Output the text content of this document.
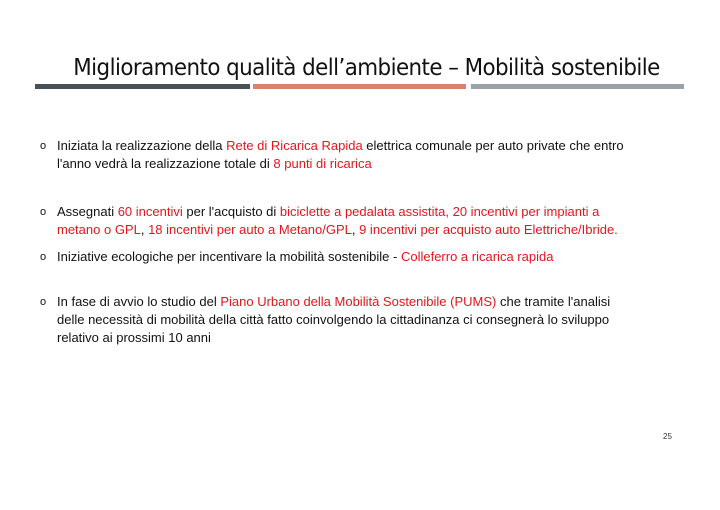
Miglioramento qualità dell’ambiente – Mobilità sostenibile
o Iniziata la realizzazione della Rete di Ricarica Rapida elettrica comunale per auto private che entro l'anno vedrà la realizzazione totale di 8 punti di ricarica
o Assegnati 60 incentivi per l'acquisto di biciclette a pedalata assistita, 20 incentivi per impianti a metano o GPL, 18 incentivi per auto a Metano/GPL, 9 incentivi per acquisto auto Elettriche/Ibride.
o Iniziative ecologiche per incentivare la mobilità sostenibile - Colleferro a ricarica rapida
o In fase di avvio lo studio del Piano Urbano della Mobilità Sostenibile (PUMS) che tramite l'analisi delle necessità di mobilità della città fatto coinvolgendo la cittadinanza ci consegnerà lo sviluppo relativo ai prossimi 10 anni
25
